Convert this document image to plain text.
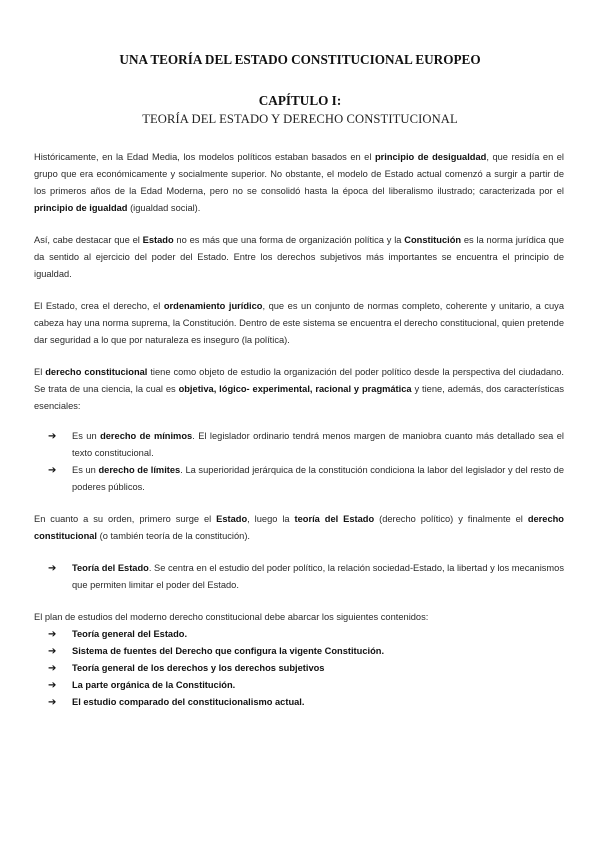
UNA TEORÍA DEL ESTADO CONSTITUCIONAL EUROPEO
CAPÍTULO I:
TEORÍA DEL ESTADO Y DERECHO CONSTITUCIONAL

Históricamente, en la Edad Media, los modelos políticos estaban basados en el principio de desigualdad, que residía en el grupo que era económicamente y socialmente superior. No obstante, el modelo de Estado actual comenzó a surgir a partir de los primeros años de la Edad Moderna, pero no se consolidó hasta la época del liberalismo ilustrado; caracterizada por el principio de igualdad (igualdad social).

Así, cabe destacar que el Estado no es más que una forma de organización política y la Constitución es la norma jurídica que da sentido al ejercicio del poder del Estado. Entre los derechos subjetivos más importantes se encuentra el principio de igualdad.

El Estado, crea el derecho, el ordenamiento jurídico, que es un conjunto de normas completo, coherente y unitario, a cuya cabeza hay una norma suprema, la Constitución. Dentro de este sistema se encuentra el derecho constitucional, quien pretende dar seguridad a lo que por naturaleza es inseguro (la política).

El derecho constitucional tiene como objeto de estudio la organización del poder político desde la perspectiva del ciudadano. Se trata de una ciencia, la cual es objetiva, lógico- experimental, racional y pragmática y tiene, además, dos características esenciales:

➔ Es un derecho de mínimos. El legislador ordinario tendrá menos margen de maniobra cuanto más detallado sea el texto constitucional.
➔ Es un derecho de límites. La superioridad jerárquica de la constitución condiciona la labor del legislador y del resto de poderes públicos.

En cuanto a su orden, primero surge el Estado, luego la teoría del Estado (derecho político) y finalmente el derecho constitucional (o también teoría de la constitución).

➔ Teoría del Estado. Se centra en el estudio del poder político, la relación sociedad-Estado, la libertad y los mecanismos que permiten limitar el poder del Estado.

El plan de estudios del moderno derecho constitucional debe abarcar los siguientes contenidos:

➔ Teoría general del Estado.
➔ Sistema de fuentes del Derecho que configura la vigente Constitución.
➔ Teoría general de los derechos y los derechos subjetivos
➔ La parte orgánica de la Constitución.
➔ El estudio comparado del constitucionalismo actual.
